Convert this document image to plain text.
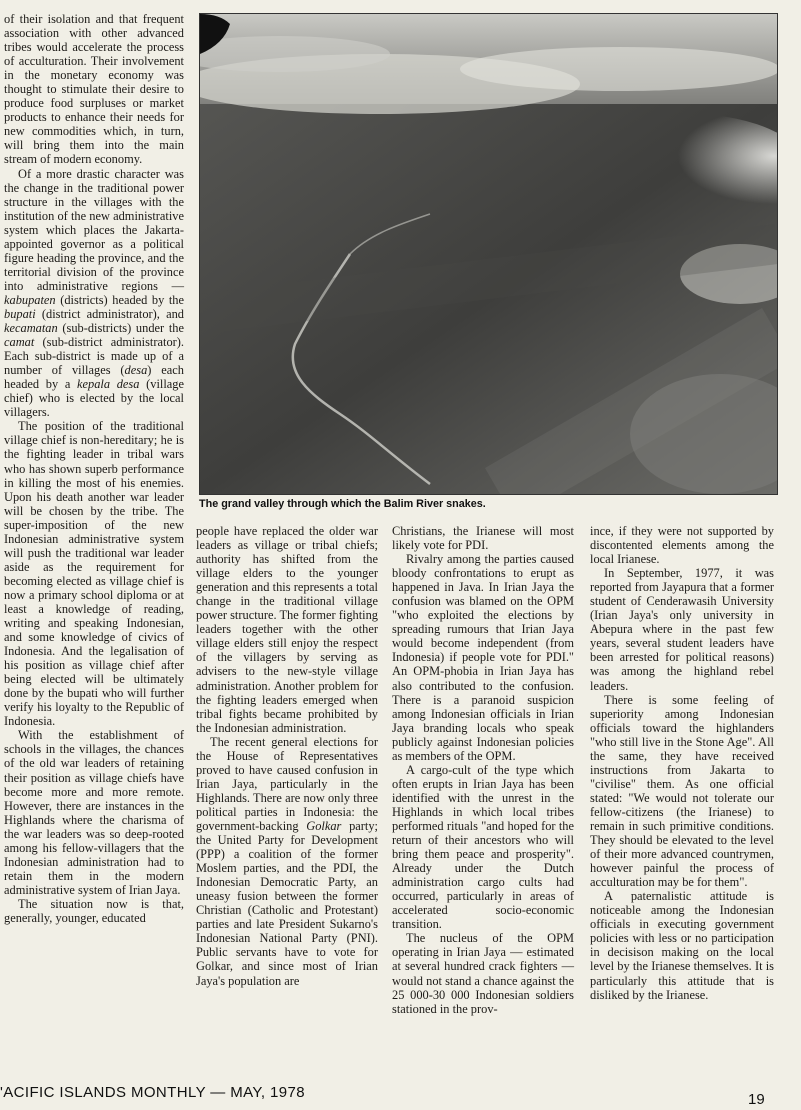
of their isolation and that frequent association with other advanced tribes would accelerate the process of acculturation. Their involvement in the monetary economy was thought to stimulate their desire to produce food surpluses or market products to enhance their needs for new commodities which, in turn, will bring them into the main stream of modern economy.

Of a more drastic character was the change in the traditional power structure in the villages with the institution of the new administrative system which places the Jakarta-appointed governor as a political figure heading the province, and the territorial division of the province into administrative regions — kabupaten (districts) headed by the bupati (district administrator), and kecamatan (sub-districts) under the camat (sub-district administrator). Each sub-district is made up of a number of villages (desa) each headed by a kepala desa (village chief) who is elected by the local villagers.

The position of the traditional village chief is non-hereditary; he is the fighting leader in tribal wars who has shown superb performance in killing the most of his enemies. Upon his death another war leader will be chosen by the tribe. The super-imposition of the new Indonesian administrative system will push the traditional war leader aside as the requirement for becoming elected as village chief is now a primary school diploma or at least a knowledge of reading, writing and speaking Indonesian, and some knowledge of civics of Indonesia. And the legalisation of his position as village chief after being elected will be ultimately done by the bupati who will further verify his loyalty to the Republic of Indonesia.

With the establishment of schools in the villages, the chances of the old war leaders of retaining their position as village chiefs have become more and more remote. However, there are instances in the Highlands where the charisma of the war leaders was so deep-rooted among his fellow-villagers that the Indonesian administration had to retain them in the modern administrative system of Irian Jaya.

The situation now is that, generally, younger, educated

The grand valley through which the Balim River snakes.

people have replaced the older war leaders as village or tribal chiefs; authority has shifted from the village elders to the younger generation and this represents a total change in the traditional village power structure. The former fighting leaders together with the other village elders still enjoy the respect of the villagers by serving as advisers to the new-style village administration. Another problem for the fighting leaders emerged when tribal fights became prohibited by the Indonesian administration.

The recent general elections for the House of Representatives proved to have caused confusion in Irian Jaya, particularly in the Highlands. There are now only three political parties in Indonesia: the government-backing Golkar party; the United Party for Development (PPP) a coalition of the former Moslem parties, and the PDI, the Indonesian Democratic Party, an uneasy fusion between the former Christian (Catholic and Protestant) parties and late President Sukarno's Indonesian National Party (PNI). Public servants have to vote for Golkar, and since most of Irian Jaya's population are

Christians, the Irianese will most likely vote for PDI.

Rivalry among the parties caused bloody confrontations to erupt as happened in Java. In Irian Jaya the confusion was blamed on the OPM "who exploited the elections by spreading rumours that Irian Jaya would become independent (from Indonesia) if people vote for PDI." An OPM-phobia in Irian Jaya has also contributed to the confusion. There is a paranoid suspicion among Indonesian officials in Irian Jaya branding locals who speak publicly against Indonesian policies as members of the OPM.

A cargo-cult of the type which often erupts in Irian Jaya has been identified with the unrest in the Highlands in which local tribes performed rituals "and hoped for the return of their ancestors who will bring them peace and prosperity". Already under the Dutch administration cargo cults had occurred, particularly in areas of accelerated socio-economic transition.

The nucleus of the OPM operating in Irian Jaya — estimated at several hundred crack fighters — would not stand a chance against the 25 000-30 000 Indonesian soldiers stationed in the prov-

ince, if they were not supported by discontented elements among the local Irianese.

In September, 1977, it was reported from Jayapura that a former student of Cenderawasih University (Irian Jaya's only university in Abepura where in the past few years, several student leaders have been arrested for political reasons) was among the highland rebel leaders.

There is some feeling of superiority among Indonesian officials toward the highlanders "who still live in the Stone Age". All the same, they have received instructions from Jakarta to "civilise" them. As one official stated: "We would not tolerate our fellow-citizens (the Irianese) to remain in such primitive conditions. They should be elevated to the level of their more advanced countrymen, however painful the process of acculturation may be for them".

A paternalistic attitude is noticeable among the Indonesian officials in executing government policies with less or no participation in decisison making on the local level by the Irianese themselves. It is particularly this attitude that is disliked by the Irianese.

'ACIFIC ISLANDS MONTHLY — MAY, 1978	19
